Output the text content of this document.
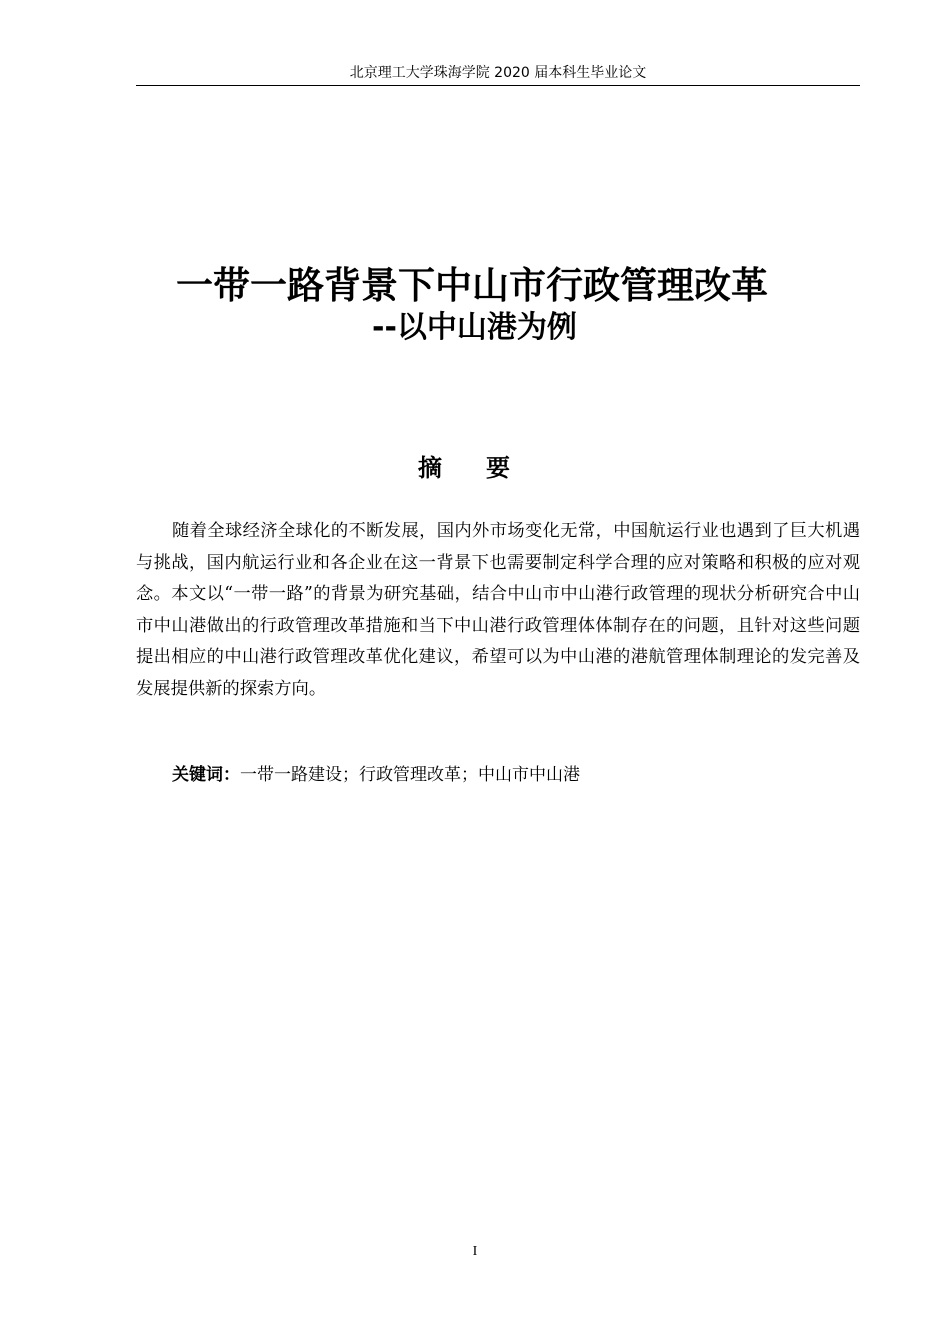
北京理工大学珠海学院 2020 届本科生毕业论文
一带一路背景下中山市行政管理改革
--以中山港为例
摘要

随着全球经济全球化的不断发展，国内外市场变化无常，中国航运行业也遇到了巨大机遇与挑战，国内航运行业和各企业在这一背景下也需要制定科学合理的应对策略和积极的应对观念。本文以“一带一路”的背景为研究基础，结合中山市中山港行政管理的现状分析研究合中山市中山港做出的行政管理改革措施和当下中山港行政管理体体制存在的问题，且针对这些问题提出相应的中山港行政管理改革优化建议，希望可以为中山港的港航管理体制理论的发完善及发展提供新的探索方向。

关键词：一带一路建设；行政管理改革；中山市中山港
I
